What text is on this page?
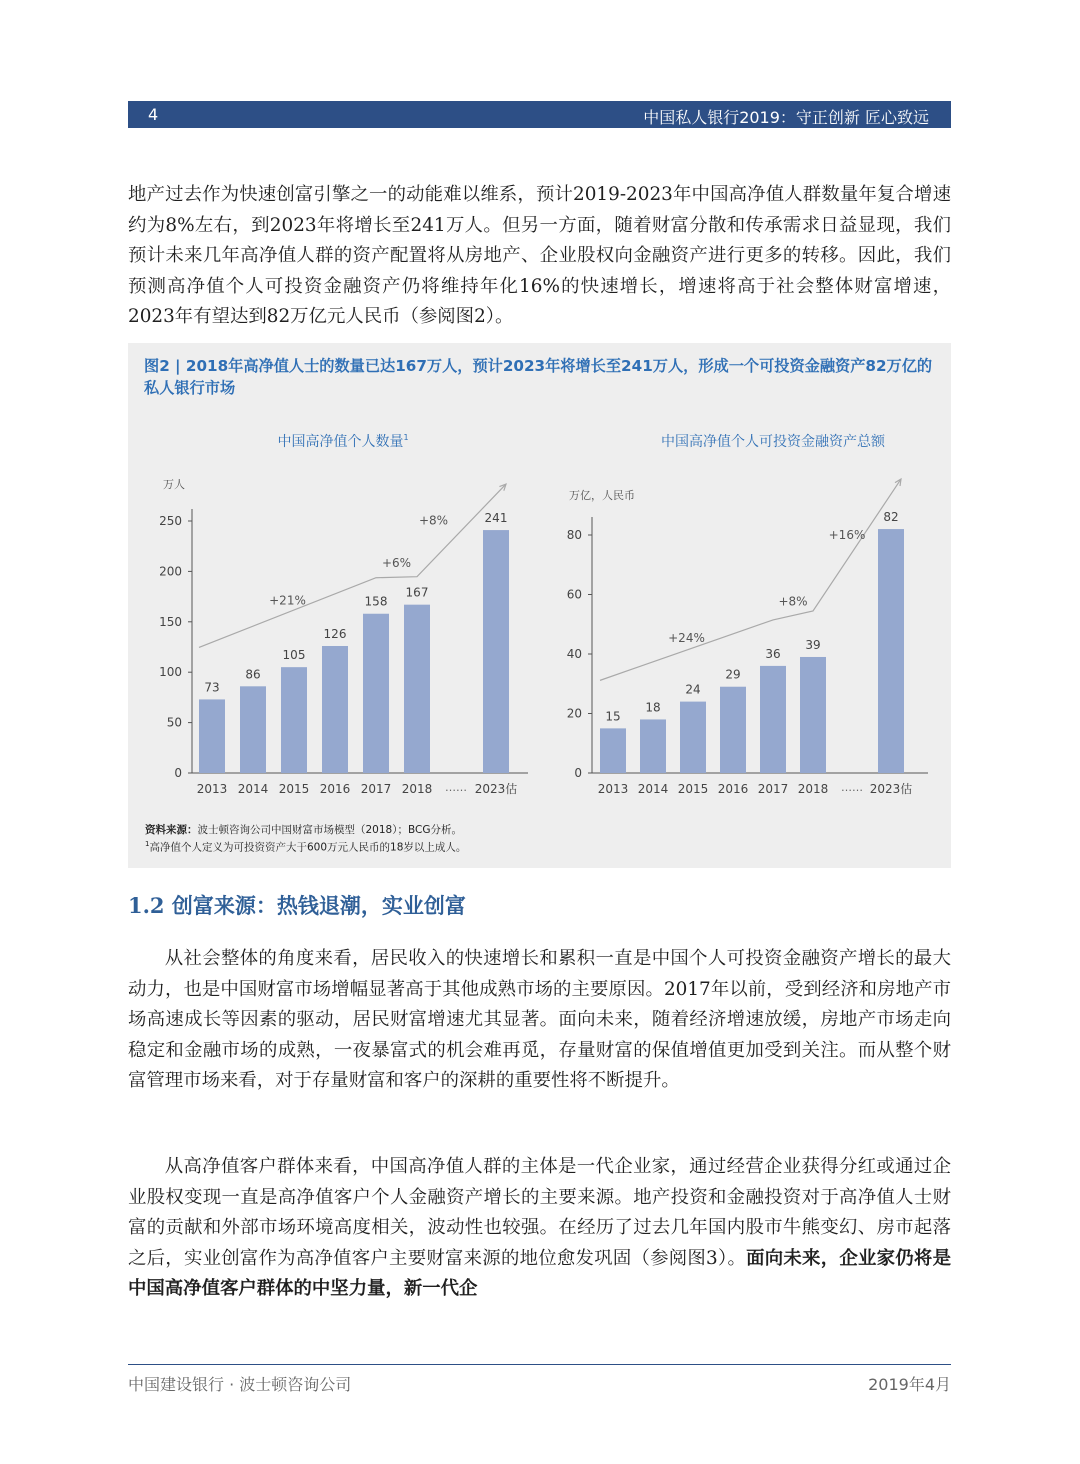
4	中国私人银行2019：守正创新 匠心致远

地产过去作为快速创富引擎之一的动能难以维系，预计2019-2023年中国高净值人群数量年复合增速约为8%左右，到2023年将增长至241万人。但另一方面，随着财富分散和传承需求日益显现，我们预计未来几年高净值人群的资产配置将从房地产、企业股权向金融资产进行更多的转移。因此，我们预测高净值个人可投资金融资产仍将维持年化16%的快速增长，增速将高于社会整体财富增速，2023年有望达到82万亿元人民币（参阅图2）。

图2 | 2018年高净值人士的数量已达167万人，预计2023年将增长至241万人，形成一个可投资金融资产82万亿的私人银行市场

中国高净值个人数量$^1$
万人
0
50
100
150
200
250
73
2013
86
2014
105
2015
126
2016
158
2017
167
2018
241
2023估
……
+21%
+6%
+8%
中国高净值个人可投资金融资产总额
万亿，人民币
0
20
40
60
80
15
2013
18
2014
24
2015
29
2016
36
2017
39
2018
82
2023估
……
+24%
+8%
+16%
资料来源：波士顿咨询公司中国财富市场模型（2018）；BCG分析。
$^1$高净值个人定义为可投资资产大于600万元人民币的18岁以上成人。
1.2 创富来源：热钱退潮，实业创富

从社会整体的角度来看，居民收入的快速增长和累积一直是中国个人可投资金融资产增长的最大动力，也是中国财富市场增幅显著高于其他成熟市场的主要原因。2017年以前，受到经济和房地产市场高速成长等因素的驱动，居民财富增速尤其显著。面向未来，随着经济增速放缓，房地产市场走向稳定和金融市场的成熟，一夜暴富式的机会难再觅，存量财富的保值增值更加受到关注。而从整个财富管理市场来看，对于存量财富和客户的深耕的重要性将不断提升。

从高净值客户群体来看，中国高净值人群的主体是一代企业家，通过经营企业获得分红或通过企业股权变现一直是高净值客户个人金融资产增长的主要来源。地产投资和金融投资对于高净值人士财富的贡献和外部市场环境高度相关，波动性也较强。在经历了过去几年国内股市牛熊变幻、房市起落之后，实业创富作为高净值客户主要财富来源的地位愈发巩固（参阅图3）。面向未来，企业家仍将是中国高净值客户群体的中坚力量，新一代企

中国建设银行 · 波士顿咨询公司	2019年4月
